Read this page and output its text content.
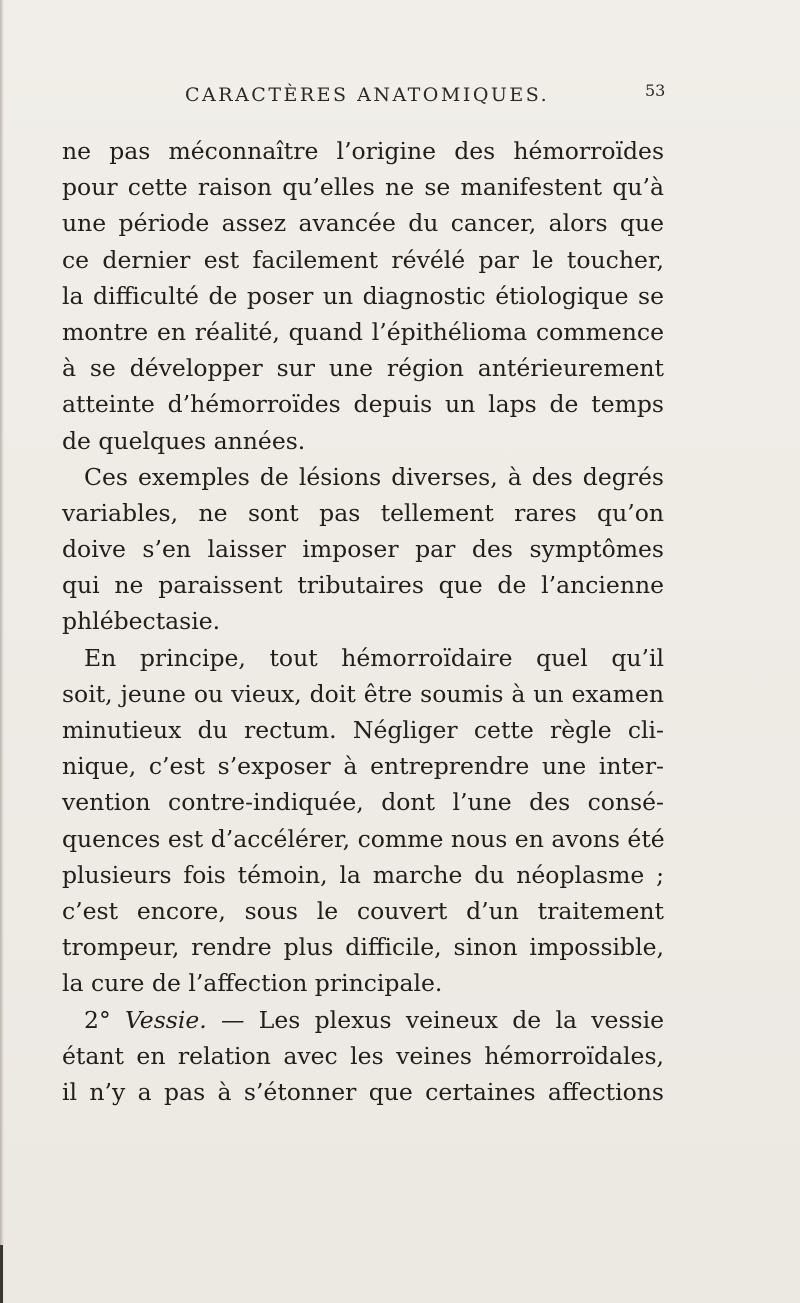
CARACTÈRES ANATOMIQUES.	53
ne pas méconnaître l’origine des hémorroïdes
pour cette raison qu’elles ne se manifestent qu’à
une période assez avancée du cancer, alors que
ce dernier est facilement révélé par le toucher,
la difficulté de poser un diagnostic étiologique se
montre en réalité, quand l’épithélioma commence
à se développer sur une région antérieurement
atteinte d’hémorroïdes depuis un laps de temps
de quelques années.
Ces exemples de lésions diverses, à des degrés
variables, ne sont pas tellement rares qu’on
doive s’en laisser imposer par des symptômes
qui ne paraissent tributaires que de l’ancienne
phlébectasie.
En principe, tout hémorroïdaire quel qu’il
soit, jeune ou vieux, doit être soumis à un examen
minutieux du rectum. Négliger cette règle cli-
nique, c’est s’exposer à entreprendre une inter-
vention contre-indiquée, dont l’une des consé-
quences est d’accélérer, comme nous en avons été
plusieurs fois témoin, la marche du néoplasme ;
c’est encore, sous le couvert d’un traitement
trompeur, rendre plus difficile, sinon impossible,
la cure de l’affection principale.
2° Vessie. — Les plexus veineux de la vessie
étant en relation avec les veines hémorroïdales,
il n’y a pas à s’étonner que certaines affections
